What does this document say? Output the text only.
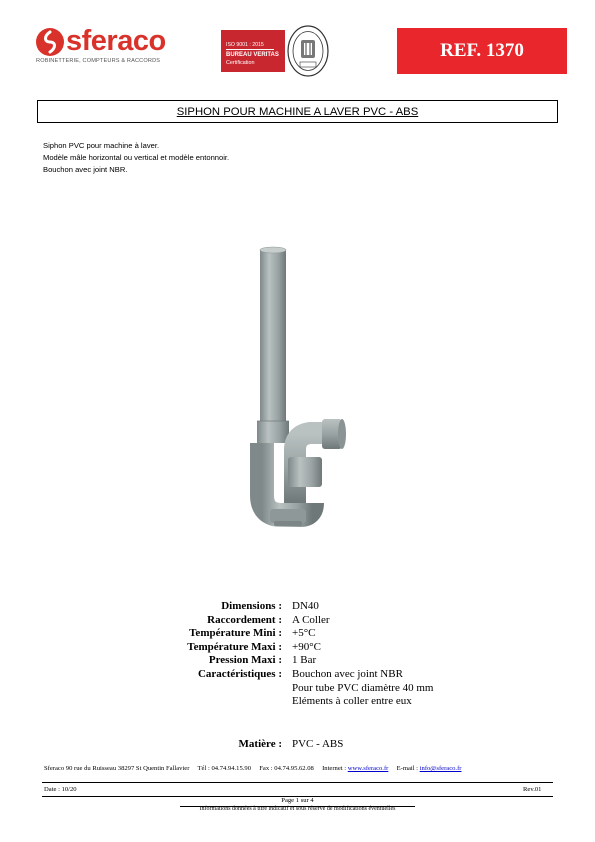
sferaco
ROBINETTERIE, COMPTEURS & RACCORDS
ISO 9001 : 2015
BUREAU VERITAS
Certification
REF. 1370
SIPHON POUR MACHINE A LAVER PVC - ABS
Siphon PVC pour machine à laver.
Modèle mâle horizontal ou vertical et modèle entonnoir.
Bouchon avec joint NBR.
Dimensions : DN40
Raccordement : A Coller
Température Mini : +5°C
Température Maxi : +90°C
Pression Maxi : 1 Bar
Caractéristiques : Bouchon avec joint NBR
Pour tube PVC diamètre 40 mm
Eléments à coller entre eux
Matière : PVC - ABS
Sferaco 90 rue du Ruisseau 38297 St Quentin Fallavier Tél : 04.74.94.15.90 Fax : 04.74.95.62.08 Internet : www.sferaco.fr E-mail : info@sferaco.fr
Date : 10/20	Rev.01
Page 1 sur 4
Informations données à titre indicatif et sous réserve de modifications éventuelles
